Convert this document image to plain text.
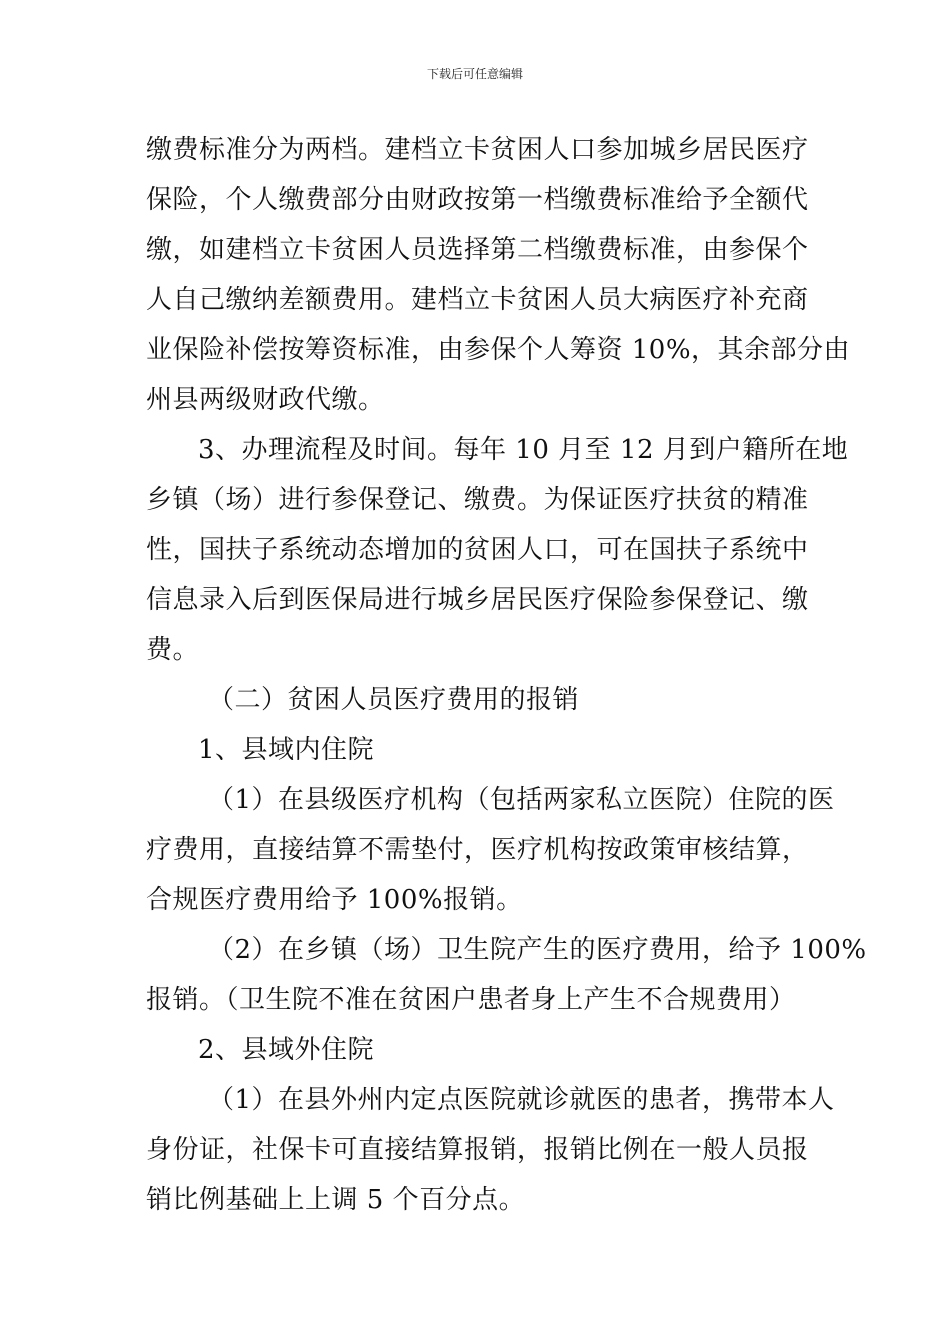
下载后可任意编辑
缴费标准分为两档。建档立卡贫困人口参加城乡居民医疗
保险，个人缴费部分由财政按第一档缴费标准给予全额代
缴，如建档立卡贫困人员选择第二档缴费标准，由参保个
人自己缴纳差额费用。建档立卡贫困人员大病医疗补充商
业保险补偿按筹资标准，由参保个人筹资 10%，其余部分由
州县两级财政代缴。
3、办理流程及时间。每年 10 月至 12 月到户籍所在地
乡镇（场）进行参保登记、缴费。为保证医疗扶贫的精准
性，国扶子系统动态增加的贫困人口，可在国扶子系统中
信息录入后到医保局进行城乡居民医疗保险参保登记、缴
费。
（二）贫困人员医疗费用的报销
1、县域内住院
（1）在县级医疗机构（包括两家私立医院）住院的医
疗费用，直接结算不需垫付，医疗机构按政策审核结算，
合规医疗费用给予 100%报销。
（2）在乡镇（场）卫生院产生的医疗费用，给予 100%
报销。（卫生院不准在贫困户患者身上产生不合规费用）
2、县域外住院
（1）在县外州内定点医院就诊就医的患者，携带本人
身份证，社保卡可直接结算报销，报销比例在一般人员报
销比例基础上上调 5 个百分点。
